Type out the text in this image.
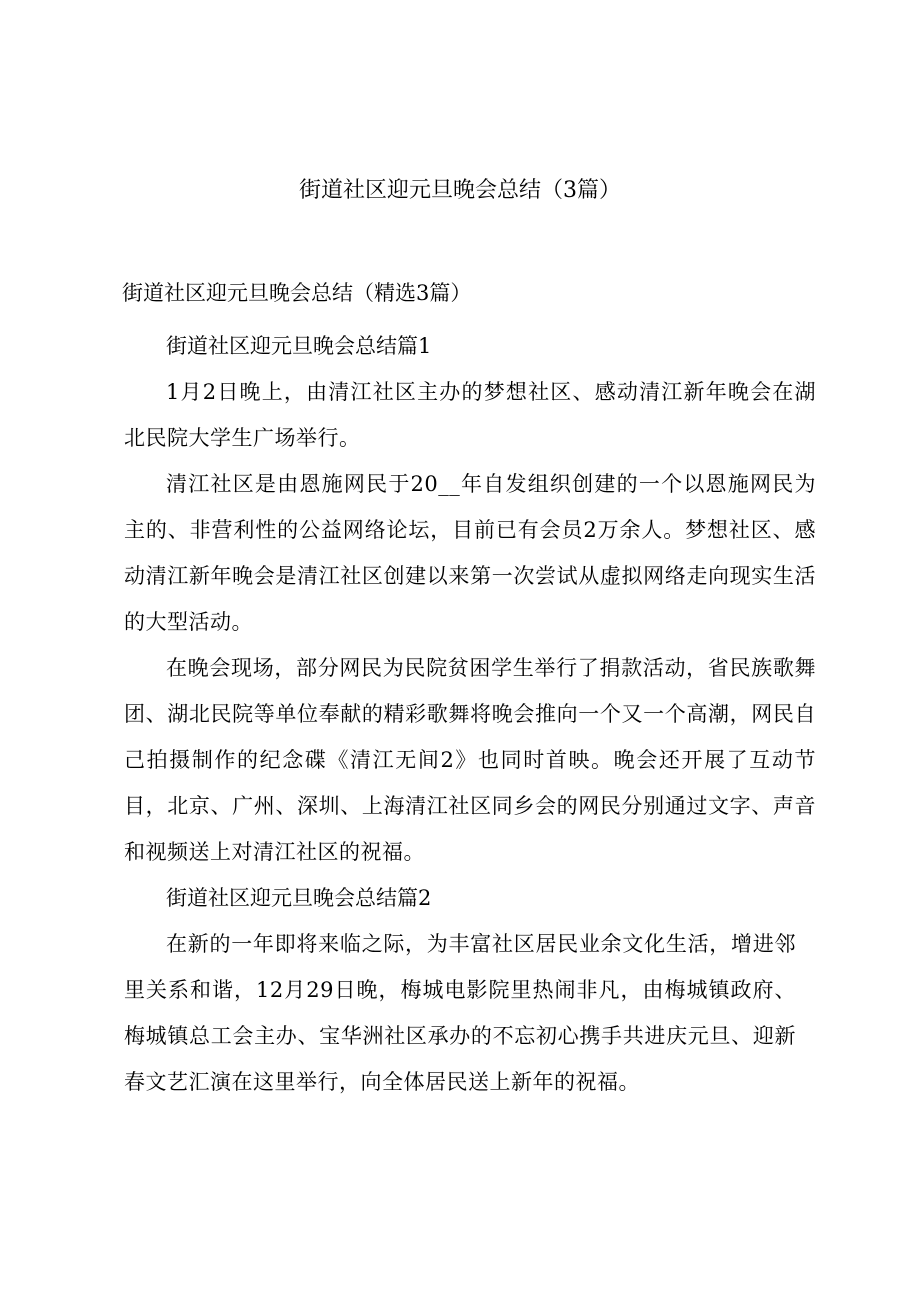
街道社区迎元旦晚会总结（3篇）

街道社区迎元旦晚会总结（精选3篇）

街道社区迎元旦晚会总结篇1

1月2日晚上，由清江社区主办的梦想社区、感动清江新年晚会在湖北民院大学生广场举行。

清江社区是由恩施网民于20__年自发组织创建的一个以恩施网民为主的、非营利性的公益网络论坛，目前已有会员2万余人。梦想社区、感动清江新年晚会是清江社区创建以来第一次尝试从虚拟网络走向现实生活的大型活动。

在晚会现场，部分网民为民院贫困学生举行了捐款活动，省民族歌舞团、湖北民院等单位奉献的精彩歌舞将晚会推向一个又一个高潮，网民自己拍摄制作的纪念碟《清江无间2》也同时首映。晚会还开展了互动节目，北京、广州、深圳、上海清江社区同乡会的网民分别通过文字、声音和视频送上对清江社区的祝福。

街道社区迎元旦晚会总结篇2

在新的一年即将来临之际，为丰富社区居民业余文化生活，增进邻里关系和谐，12月29日晚，梅城电影院里热闹非凡，由梅城镇政府、梅城镇总工会主办、宝华洲社区承办的不忘初心携手共进庆元旦、迎新春文艺汇演在这里举行，向全体居民送上新年的祝福。
